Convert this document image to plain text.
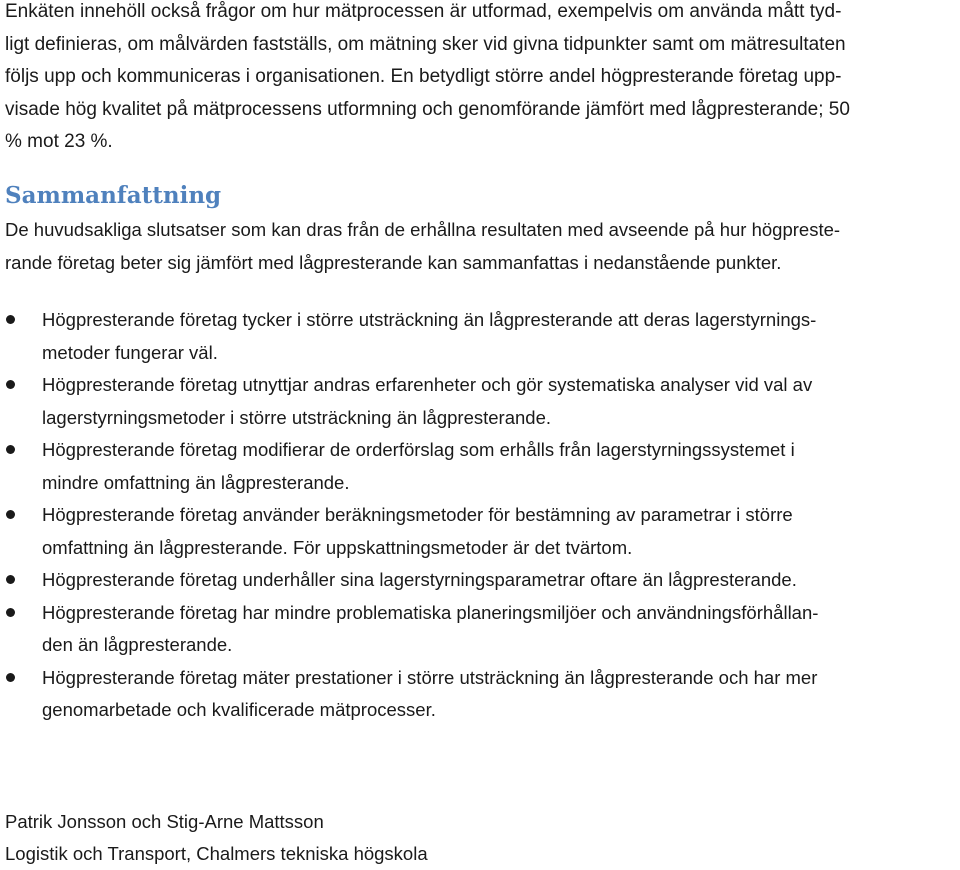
Enkäten innehöll också frågor om hur mätprocessen är utformad, exempelvis om använda mått tyd-
ligt definieras, om målvärden fastställs, om mätning sker vid givna tidpunkter samt om mätresultaten
följs upp och kommuniceras i organisationen. En betydligt större andel högpresterande företag upp-
visade hög kvalitet på mätprocessens utformning och genomförande jämfört med lågpresterande; 50
% mot 23 %.
Sammanfattning
De huvudsakliga slutsatser som kan dras från de erhållna resultaten med avseende på hur högpreste-
rande företag beter sig jämfört med lågpresterande kan sammanfattas i nedanstående punkter.
Högpresterande företag tycker i större utsträckning än lågpresterande att deras lagerstyrnings-
metoder fungerar väl.
Högpresterande företag utnyttjar andras erfarenheter och gör systematiska analyser vid val av
lagerstyrningsmetoder i större utsträckning än lågpresterande.
Högpresterande företag modifierar de orderförslag som erhålls från lagerstyrningssystemet i
mindre omfattning än lågpresterande.
Högpresterande företag använder beräkningsmetoder för bestämning av parametrar i större
omfattning än lågpresterande. För uppskattningsmetoder är det tvärtom.
Högpresterande företag underhåller sina lagerstyrningsparametrar oftare än lågpresterande.
Högpresterande företag har mindre problematiska planeringsmiljöer och användningsförhållan-
den än lågpresterande.
Högpresterande företag mäter prestationer i större utsträckning än lågpresterande och har mer
genomarbetade och kvalificerade mätprocesser.
Patrik Jonsson och Stig-Arne Mattsson
Logistik och Transport, Chalmers tekniska högskola
